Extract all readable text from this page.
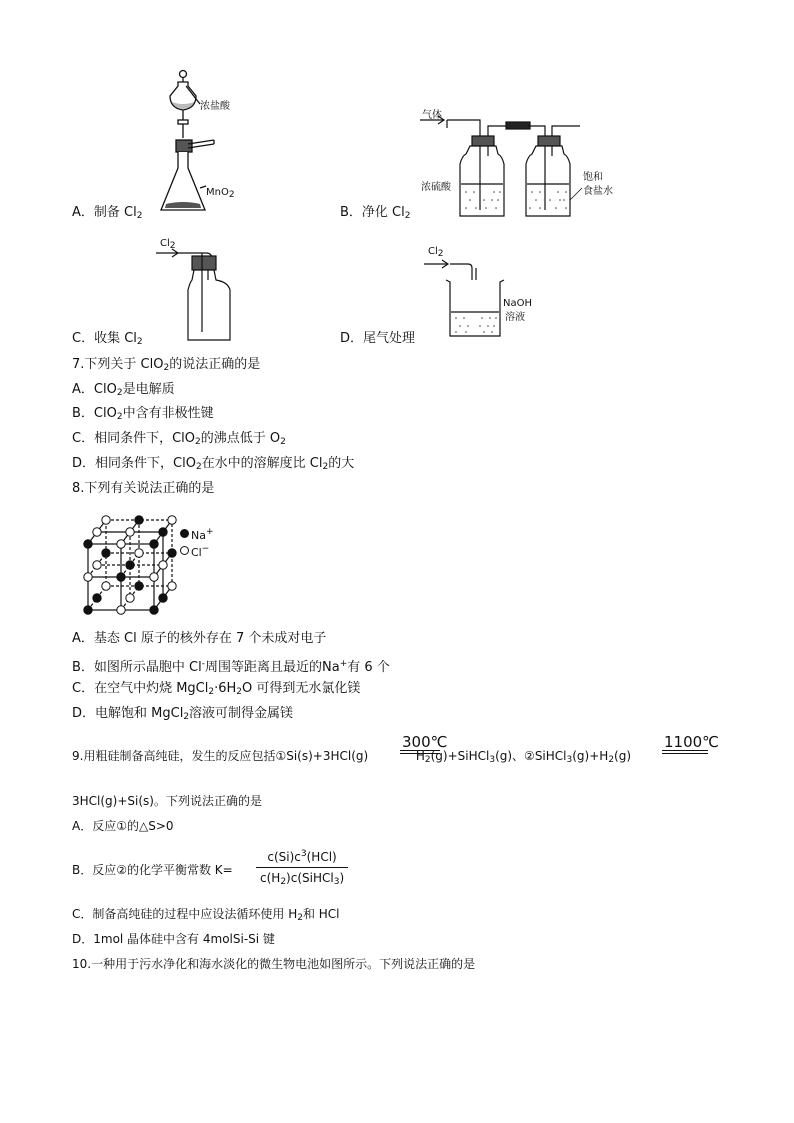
浓盐酸
MnO$_2$
气体
浓硫酸
饱和
食盐水
A．制备 $Cl_2$	B．净化 $Cl_2$
$Cl_2$	$Cl_2$
NaOH
溶液
C．收集 $Cl_2$	D．尾气处理
7.下列关于 ClO$_2$的说法正确的是
A．ClO$_2$是电解质
B．ClO$_2$中含有非极性键
C．相同条件下，ClO$_2$的沸点低于 $O_2$
D．相同条件下，ClO$_2$在水中的溶解度比 $Cl_2$的大
8.下列有关说法正确的是
Na+
Cl−
A．基态 Cl 原子的核外存在 7 个未成对电子
B．如图所示晶胞中 Cl-周围等距离且最近的Na+有 6 个
C．在空气中灼烧 $MgCl_2\cdot 6H_2O$ 可得到无水氯化镁
D．电解饱和 MgCl$_2$溶液可制得金属镁
9.用粗硅制备高纯硅，发生的反应包括①Si(s)+3HCl(g)	$H_2(g)+SiHCl_3(g)$、$②SiHCl_3(g)+H_2(g)$
300℃	1100℃
3HCl(g)+Si(s)。下列说法正确的是
A．反应①的△S>0
B．反应②的化学平衡常数 K=
$c(Si)c^3(HCl)$
$c(H_2)c(SiHCl_3)$
C．制备高纯硅的过程中应设法循环使用 $H_2$和 HCl
D．1mol 晶体硅中含有 4molSi-Si 键
10.一种用于污水净化和海水淡化的微生物电池如图所示。下列说法正确的是
